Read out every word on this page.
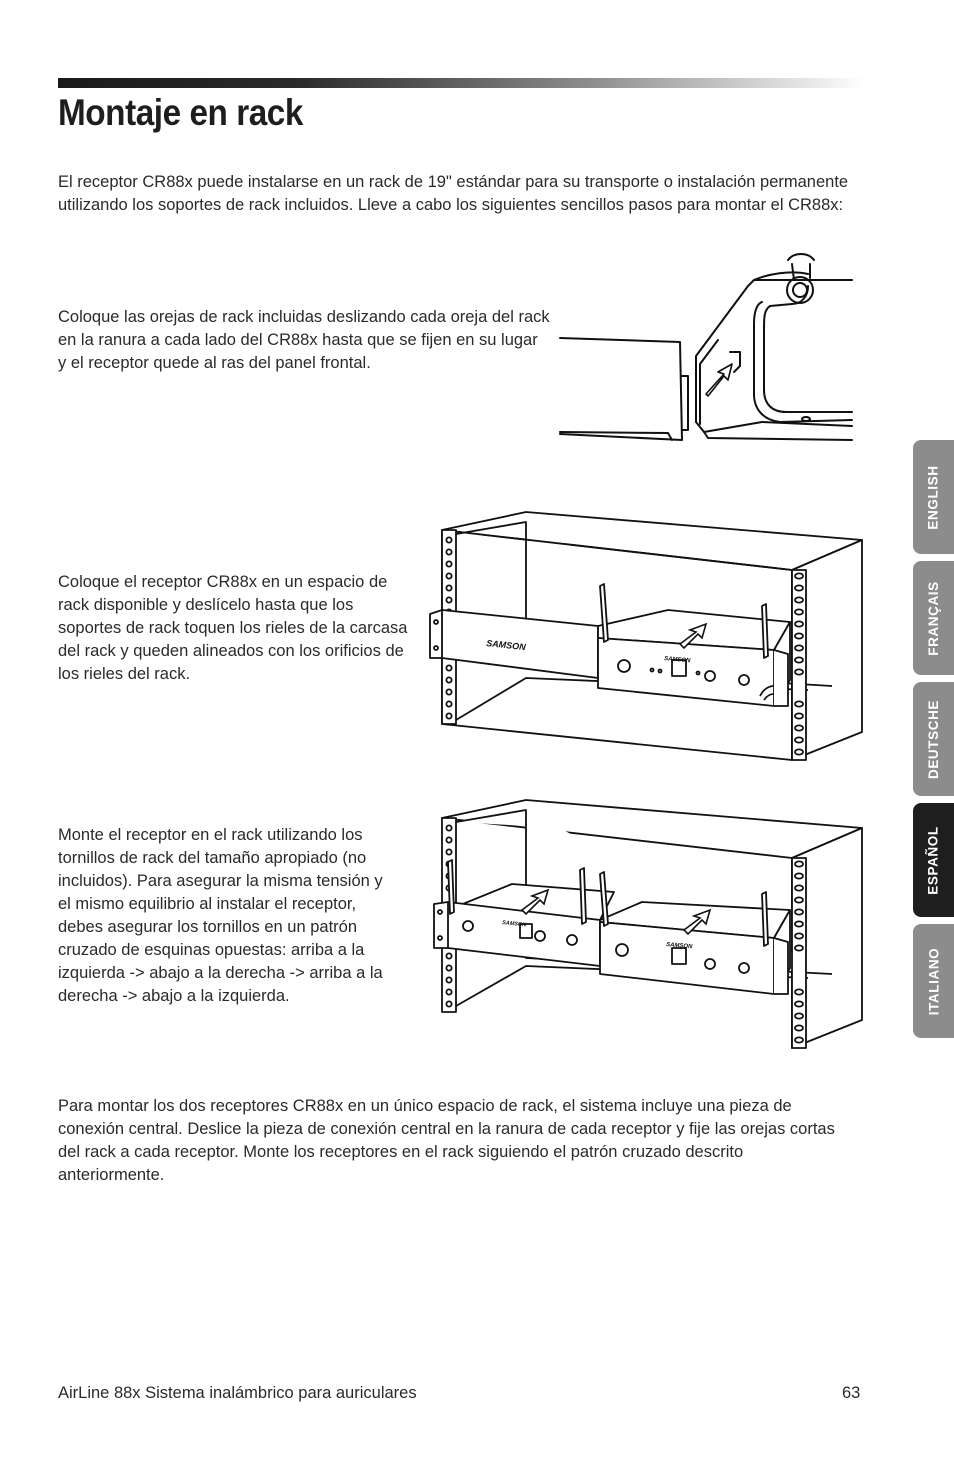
Montaje en rack

El receptor CR88x puede instalarse en un rack de 19" estándar para su transporte o instalación permanente utilizando los soportes de rack incluidos. Lleve a cabo los siguientes sencillos pasos para montar el CR88x:

Coloque las orejas de rack incluidas deslizando cada oreja del rack en la ranura a cada lado del CR88x hasta que se fijen en su lugar y el receptor quede al ras del panel frontal.

Coloque el receptor CR88x en un espacio de rack disponible y deslícelo hasta que los soportes de rack toquen los rieles de la carcasa del rack y queden alineados con los orificios de los rieles del rack.

SAMSON
SAMSON

Monte el receptor en el rack utilizando los tornillos de rack del tamaño apropiado (no incluidos). Para asegurar la misma tensión y el mismo equilibrio al instalar el receptor, debes asegurar los tornillos en un patrón cruzado de esquinas opuestas: arriba a la izquierda -> abajo a la derecha -> arriba a la derecha -> abajo a la izquierda.

SAMSON
SAMSON

Para montar los dos receptores CR88x en un único espacio de rack, el sistema incluye una pieza de conexión central. Deslice la pieza de conexión central en la ranura de cada receptor y fije las orejas cortas del rack a cada receptor. Monte los receptores en el rack siguiendo el patrón cruzado descrito anteriormente.

ENGLISH
FRANÇAIS
DEUTSCHE
ESPAÑOL
ITALIANO
AirLine 88x Sistema inalámbrico para auriculares	63
